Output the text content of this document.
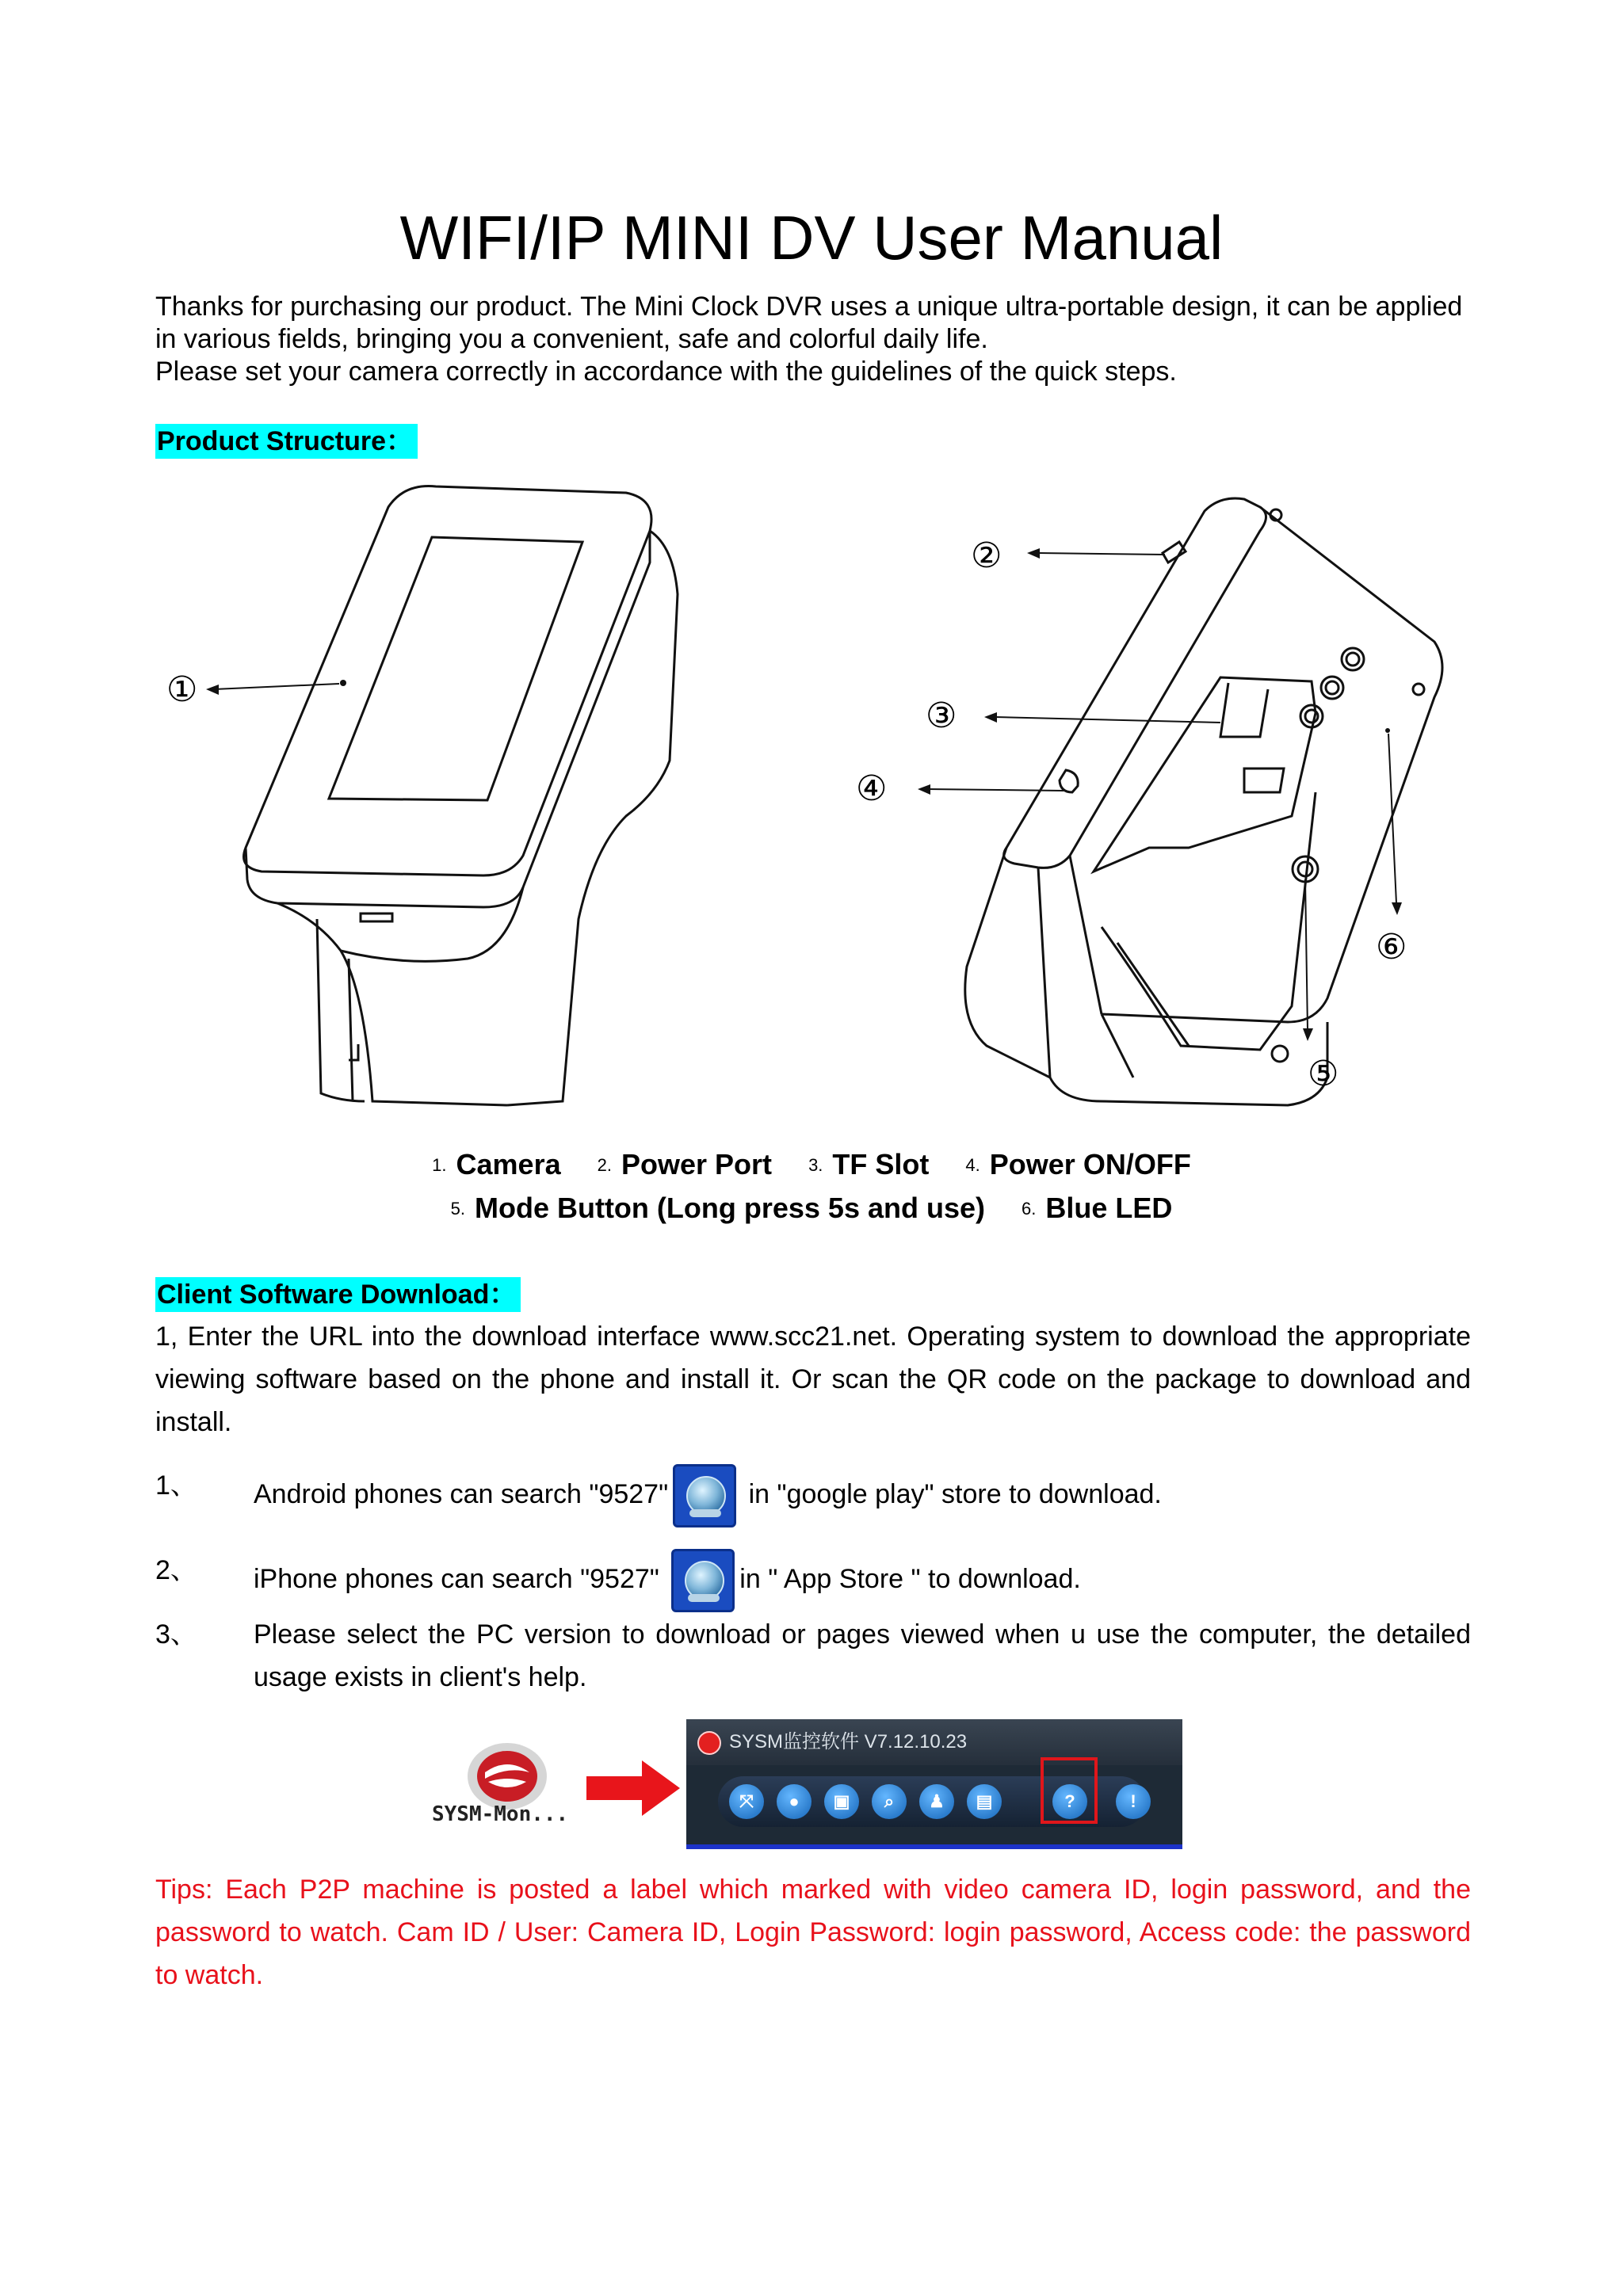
WIFI/IP MINI DV User Manual

Thanks for purchasing our product. The Mini Clock DVR uses a unique ultra-portable design, it can be applied in various fields, bringing you a convenient, safe and colorful daily life.

Please set your camera correctly in accordance with the guidelines of the quick steps.

Product Structure：
①
②
③
④
⑤
⑥
1. Camera 2. Power Port 3. TF Slot 4. Power ON/OFF
5. Mode Button (Long press 5s and use) 6. Blue LED
Client Software Download：
1, Enter the URL into the download interface www.scc21.net. Operating system to download the appropriate viewing software based on the phone and install it. Or scan the QR code on the package to download and install.
1、 Android phones can search "9527"	in "google play" store to download.
2、 iPhone phones can search "9527"	in " App Store " to download.
3、 Please select the PC version to download or pages viewed when u use the computer, the detailed usage exists in client's help.
SYSM-Mon...
SYSM监控软件 V7.12.10.23
⤧	●	▣	⌕	♟	▤	?	!
Tips: Each P2P machine is posted a label which marked with video camera ID, login password, and the password to watch. Cam ID / User: Camera ID, Login Password: login password, Access code: the password to watch.
